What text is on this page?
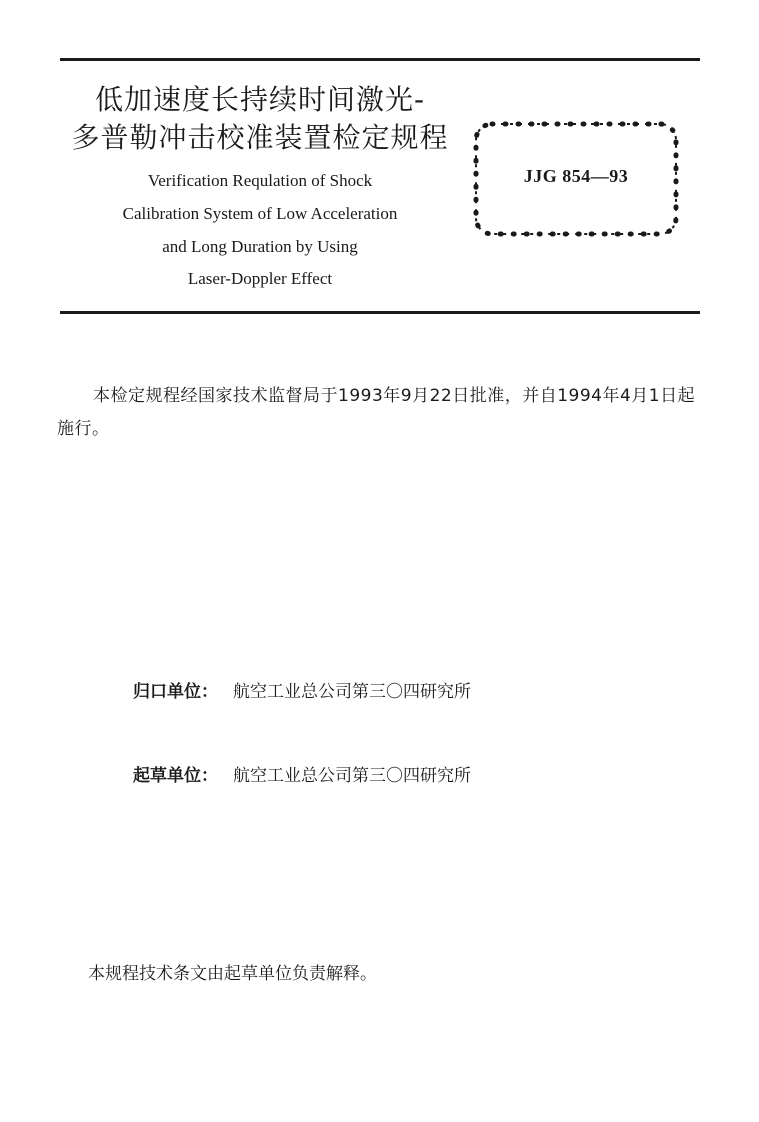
低加速度长持续时间激光-
多普勒冲击校准装置检定规程
Verification Requlation of Shock
Calibration System of Low Acceleration
and Long Duration by Using
Laser-Doppler Effect
JJG 854—93
本检定规程经国家技术监督局于1993年9月22日批准，并自1994年4月1日起施行。
归口单位： 航空工业总公司第三〇四研究所
起草单位： 航空工业总公司第三〇四研究所
本规程技术条文由起草单位负责解释。
